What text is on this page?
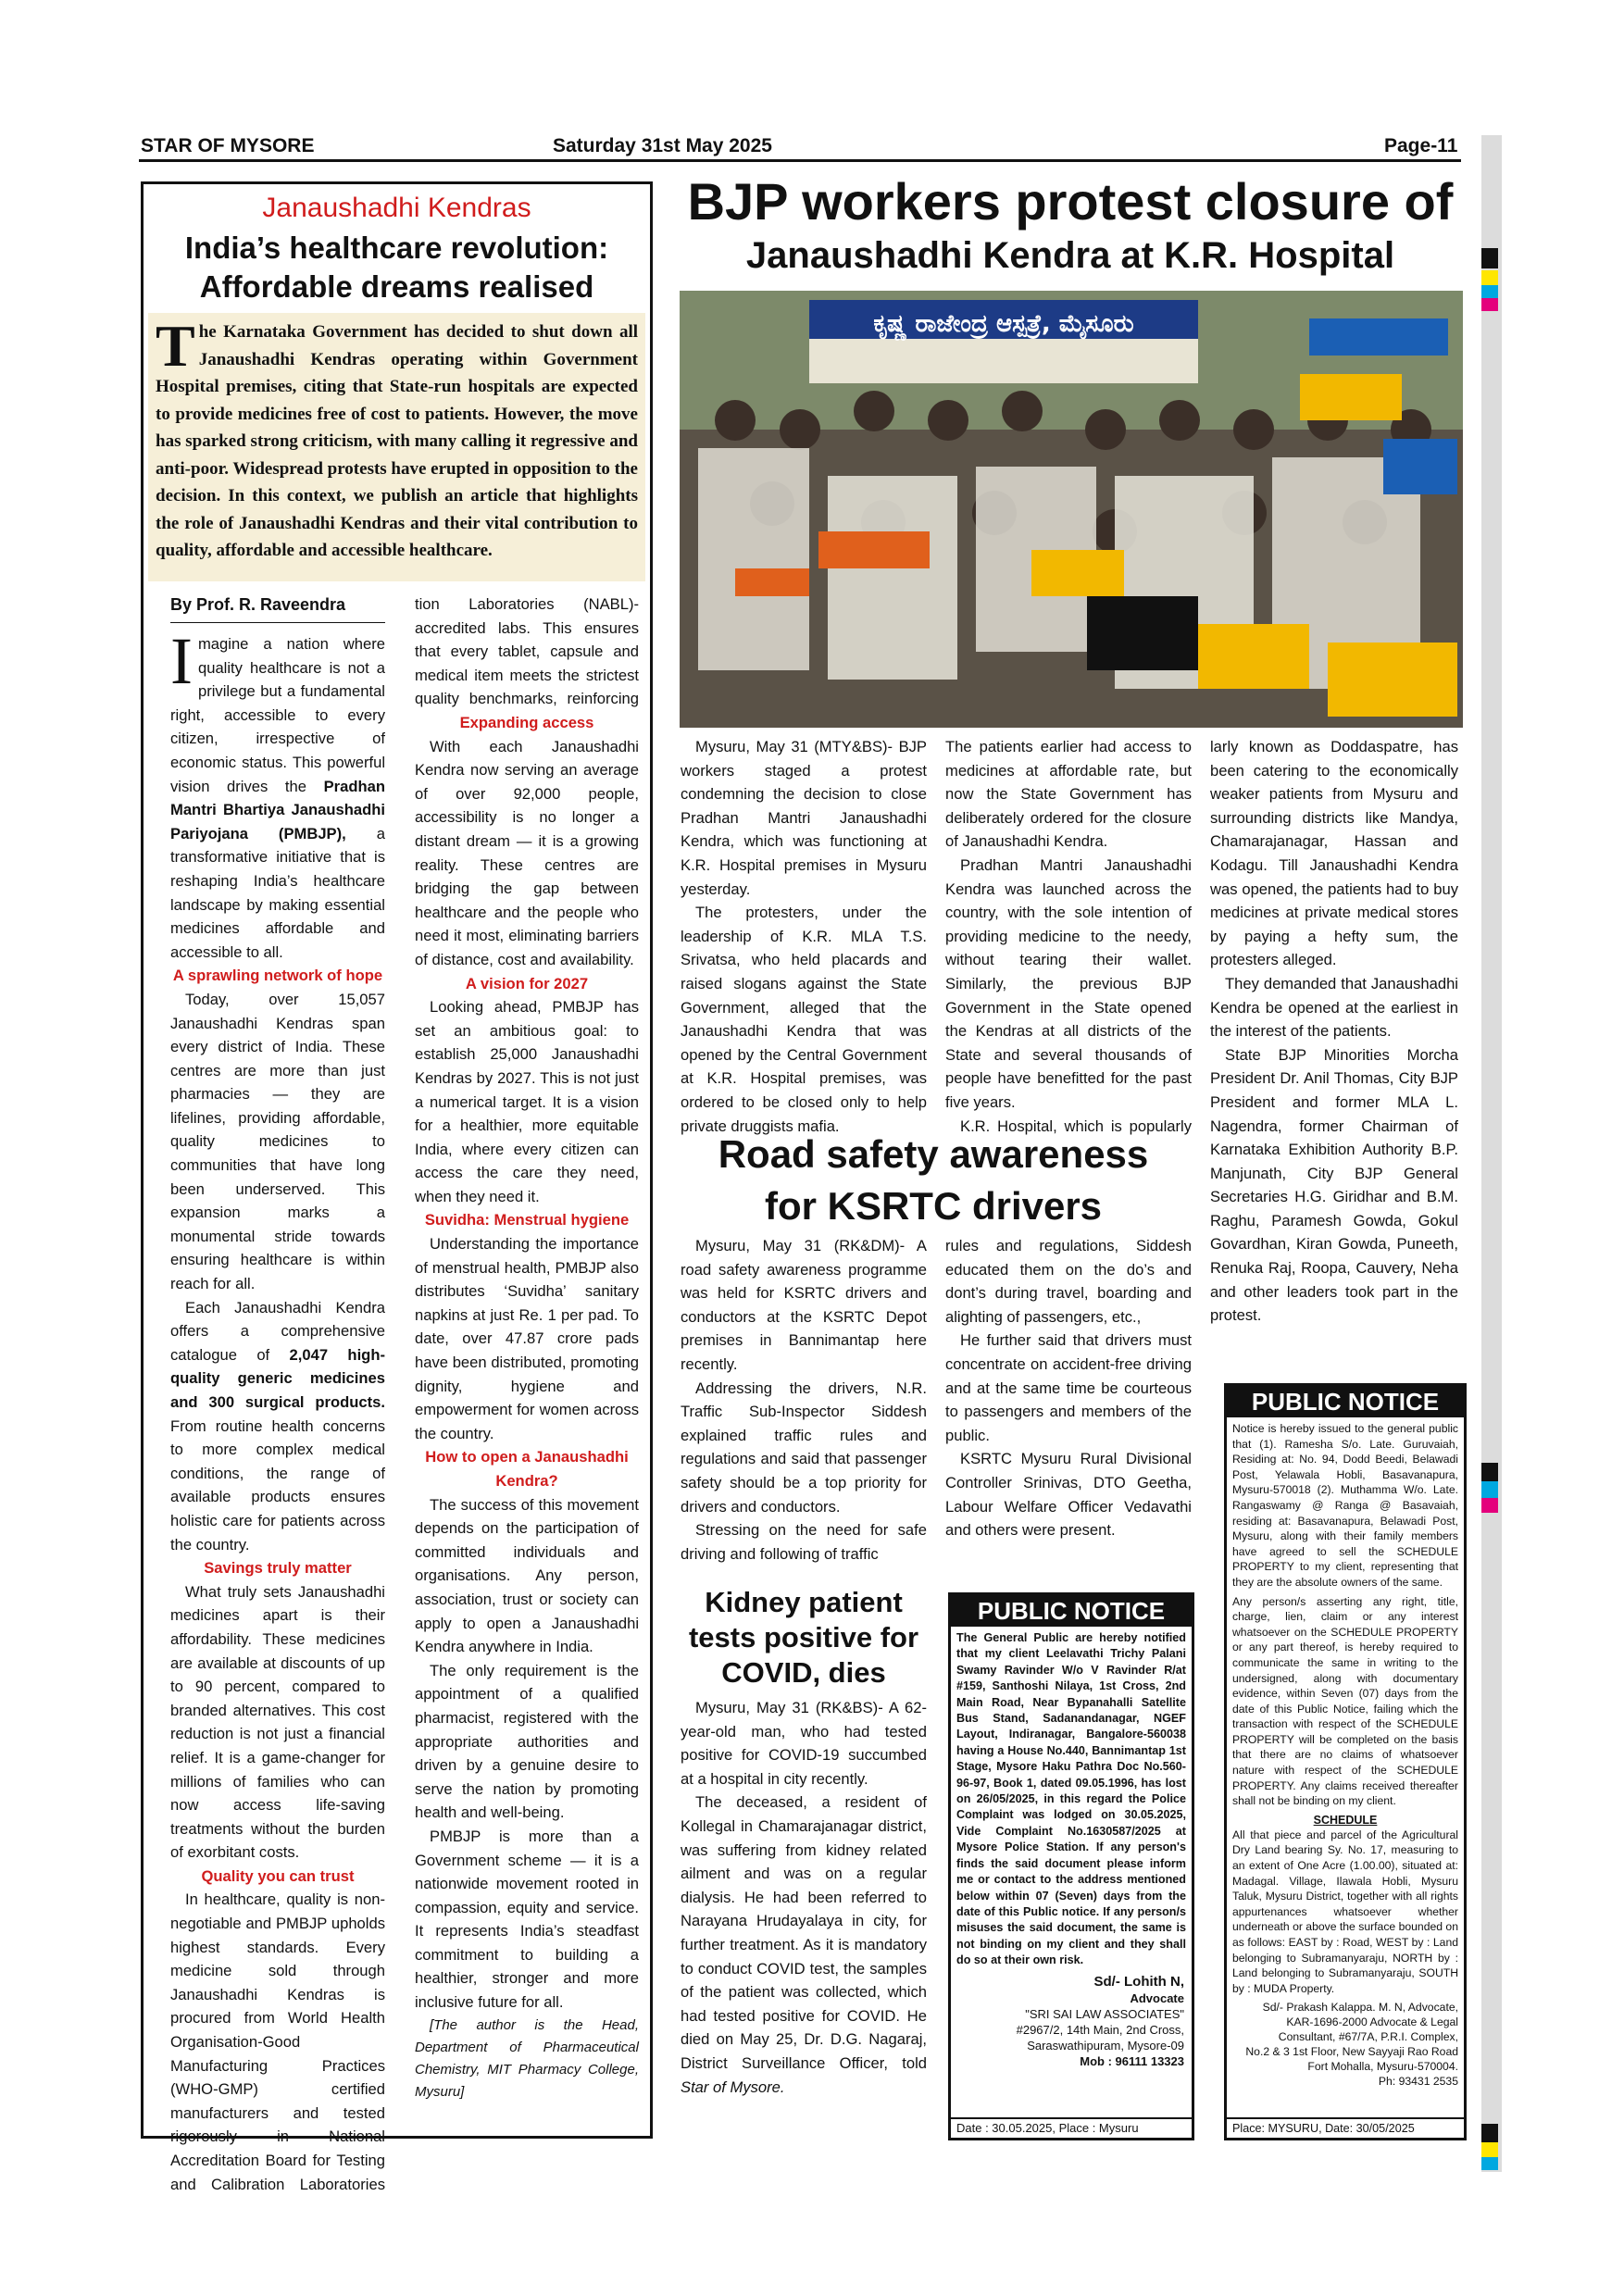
STAR OF MYSORE	Saturday 31st May 2025	Page-11
Janaushadhi Kendras
India’s healthcare revolution:
Affordable dreams realised
The Karnataka Government has decided to shut down all Janaushadhi Kendras operating within Government Hospital premises, citing that State-run hospitals are expected to provide medicines free of cost to patients. However, the move has sparked strong criticism, with many calling it regressive and anti-poor. Widespread protests have erupted in opposition to the decision. In this context, we publish an article that highlights the role of Janaushadhi Kendras and their vital contribution to quality, affordable and accessible healthcare.
By Prof. R. Raveendra

Imagine a nation where quality healthcare is not a privilege but a fundamental right, accessible to every citizen, irrespective of economic status. This powerful vision drives the Pradhan Mantri Bhartiya Janaushadhi Pariyojana (PMBJP), a transformative initiative that is reshaping India’s healthcare landscape by making essential medicines affordable and accessible to all.

A sprawling network of hope

Today, over 15,057 Janaushadhi Kendras span every district of India. These centres are more than just pharmacies — they are lifelines, providing affordable, quality medicines to communities that have long been underserved. This expansion marks a monumental stride towards ensuring healthcare is within reach for all.

Each Janaushadhi Kendra offers a comprehensive catalogue of 2,047 high-quality generic medicines and 300 surgical products. From routine health concerns to more complex medical conditions, the range of available products ensures holistic care for patients across the country.

Savings truly matter

What truly sets Janaushadhi medicines apart is their affordability. These medicines are available at discounts of up to 90 percent, compared to branded alternatives. This cost reduction is not just a financial relief. It is a game-changer for millions of families who can now access life-saving treatments without the burden of exorbitant costs.

Quality you can trust

In healthcare, quality is non-negotiable and PMBJP upholds highest standards. Every medicine sold through Janaushadhi Kendras is procured from World Health Organisation-Good Manufacturing Practices (WHO-GMP) certified manufacturers and tested rigorously in National Accreditation Board for Testing and Calibration Laboratories

tion Laboratories (NABL)-accredited labs. This ensures that every tablet, capsule and medical item meets the strictest quality benchmarks, reinforcing

Expanding access

With each Janaushadhi Kendra now serving an average of over 92,000 people, accessibility is no longer a distant dream — it is a growing reality. These centres are bridging the gap between healthcare and the people who need it most, eliminating barriers of distance, cost and availability.

A vision for 2027

Looking ahead, PMBJP has set an ambitious goal: to establish 25,000 Janaushadhi Kendras by 2027. This is not just a numerical target. It is a vision for a healthier, more equitable India, where every citizen can access the care they need, when they need it.

Suvidha: Menstrual hygiene

Understanding the importance of menstrual health, PMBJP also distributes ‘Suvidha’ sanitary napkins at just Re. 1 per pad. To date, over 47.87 crore pads have been distributed, promoting dignity, hygiene and empowerment for women across the country.

How to open a Janaushadhi Kendra?

The success of this movement depends on the participation of committed individuals and organisations. Any person, association, trust or society can apply to open a Janaushadhi Kendra anywhere in India.

The only requirement is the appointment of a qualified pharmacist, registered with the appropriate authorities and driven by a genuine desire to serve the nation by promoting health and well-being.

PMBJP is more than a Government scheme — it is a nationwide movement rooted in compassion, equity and service. It represents India’s steadfast commitment to building a healthier, stronger and more inclusive future for all.

[The author is the Head, Department of Pharmaceutical Chemistry, MIT Pharmacy College, Mysuru]

BJP workers protest closure of
Janaushadhi Kendra at K.R. Hospital
ಕೃಷ್ಣ ರಾಜೇಂದ್ರ ಆಸ್ಪತ್ರೆ, ಮೈಸೂರು

Mysuru, May 31 (MTY&BS)- BJP workers staged a protest condemning the decision to close Pradhan Mantri Janaushadhi Kendra, which was functioning at K.R. Hospital premises in Mysuru yesterday.

The protesters, under the leadership of K.R. MLA T.S. Srivatsa, who held placards and raised slogans against the State Government, alleged that the Janaushadhi Kendra that was opened by the Central Government at K.R. Hospital premises, was ordered to be closed only to help private druggists mafia.

The patients earlier had access to medicines at affordable rate, but now the State Government has deliberately ordered for the closure of Janaushadhi Kendra.

Pradhan Mantri Janaushadhi Kendra was launched across the country, with the sole intention of providing medicine to the needy, without tearing their wallet. Similarly, the previous BJP Government in the State opened the Kendras at all districts of the State and several thousands of people have benefitted for the past five years.

K.R. Hospital, which is popularly

larly known as Doddaspatre, has been catering to the economically weaker patients from Mysuru and surrounding districts like Mandya, Chamarajanagar, Hassan and Kodagu. Till Janaushadhi Kendra was opened, the patients had to buy medicines at private medical stores by paying a hefty sum, the protesters alleged.

They demanded that Janaushadhi Kendra be opened at the earliest in the interest of the patients.

State BJP Minorities Morcha President Dr. Anil Thomas, City BJP President and former MLA L. Nagendra, former Chairman of Karnataka Exhibition Authority B.P. Manjunath, City BJP General Secretaries H.G. Giridhar and B.M. Raghu, Paramesh Gowda, Gokul Govardhan, Kiran Gowda, Puneeth, Renuka Raj, Roopa, Cauvery, Neha and other leaders took part in the protest.

Road safety awareness
for KSRTC drivers

Mysuru, May 31 (RK&DM)- A road safety awareness programme was held for KSRTC drivers and conductors at the KSRTC Depot premises in Bannimantap here recently.

Addressing the drivers, N.R. Traffic Sub-Inspector Siddesh explained traffic rules and regulations and said that passenger safety should be a top priority for drivers and conductors.

Stressing on the need for safe driving and following of traffic

rules and regulations, Siddesh educated them on the do’s and dont’s during travel, boarding and alighting of passengers, etc.,

He further said that drivers must concentrate on accident-free driving and at the same time be courteous to passengers and members of the public.

KSRTC Mysuru Rural Divisional Controller Srinivas, DTO Geetha, Labour Welfare Officer Vedavathi and others were present.

Kidney patient
tests positive for
COVID, dies

Mysuru, May 31 (RK&BS)- A 62-year-old man, who had tested positive for COVID-19 succumbed at a hospital in city recently.

The deceased, a resident of Kollegal in Chamarajanagar district, was suffering from kidney related ailment and was on a regular dialysis. He had been referred to Narayana Hrudayalaya in city, for further treatment. As it is mandatory to conduct COVID test, the samples of the patient was collected, which had tested positive for COVID. He died on May 25, Dr. D.G. Nagaraj, District Surveillance Officer, told Star of Mysore.

PUBLIC NOTICE
The General Public are hereby notified that my client Leelavathi Trichy Palani Swamy Ravinder W/o V Ravinder R/at #159, Santhoshi Nilaya, 1st Cross, 2nd Main Road, Near Bypanahalli Satellite Bus Stand, Sadanandanagar, NGEF Layout, Indiranagar, Bangalore-560038 having a House No.440, Bannimantap 1st Stage, Mysore Haku Pathra Doc No.560-96-97, Book 1, dated 09.05.1996, has lost on 26/05/2025, in this regard the Police Complaint was lodged on 30.05.2025, Vide Complaint No.1630587/2025 at Mysore Police Station. If any person's finds the said document please inform me or contact to the address mentioned below within 07 (Seven) days from the date of this Public notice. If any person/s misuses the said document, the same is not binding on my client and they shall do so at their own risk.
Sd/- Lohith N,
Advocate
"SRI SAI LAW ASSOCIATES"
#2967/2, 14th Main, 2nd Cross,
Saraswathipuram, Mysore-09
Mob : 96111 13323
Date : 30.05.2025, Place : Mysuru
PUBLIC NOTICE
Notice is hereby issued to the general public that (1). Ramesha S/o. Late. Guruvaiah, Residing at: No. 94, Dodd Beedi, Belawadi Post, Yelawala Hobli, Basavanapura, Mysuru-570018 (2). Muthamma W/o. Late. Rangaswamy @ Ranga @ Basavaiah, residing at: Basavanapura, Belawadi Post, Mysuru, along with their family members have agreed to sell the SCHEDULE PROPERTY to my client, representing that they are the absolute owners of the same.
Any person/s asserting any right, title, charge, lien, claim or any interest whatsoever on the SCHEDULE PROPERTY or any part thereof, is hereby required to communicate the same in writing to the undersigned, along with documentary evidence, within Seven (07) days from the date of this Public Notice, failing which the transaction with respect of the SCHEDULE PROPERTY will be completed on the basis that there are no claims of whatsoever nature with respect of the SCHEDULE PROPERTY. Any claims received thereafter shall not be binding on my client.
SCHEDULE
All that piece and parcel of the Agricultural Dry Land bearing Sy. No. 17, measuring to an extent of One Acre (1.00.00), situated at: Madagal. Village, Ilawala Hobli, Mysuru Taluk, Mysuru District, together with all rights appurtenances whatsoever whether underneath or above the surface bounded on as follows: EAST by : Road, WEST by : Land belonging to Subramanyaraju, NORTH by : Land belonging to Subramanyaraju, SOUTH by : MUDA Property.
Sd/- Prakash Kalappa. M. N, Advocate,
KAR-1696-2000 Advocate & Legal
Consultant, #67/7A, P.R.I. Complex,
No.2 & 3 1st Floor, New Sayyaji Rao Road
Fort Mohalla, Mysuru-570004.
Ph: 93431 2535
Place: MYSURU, Date: 30/05/2025
